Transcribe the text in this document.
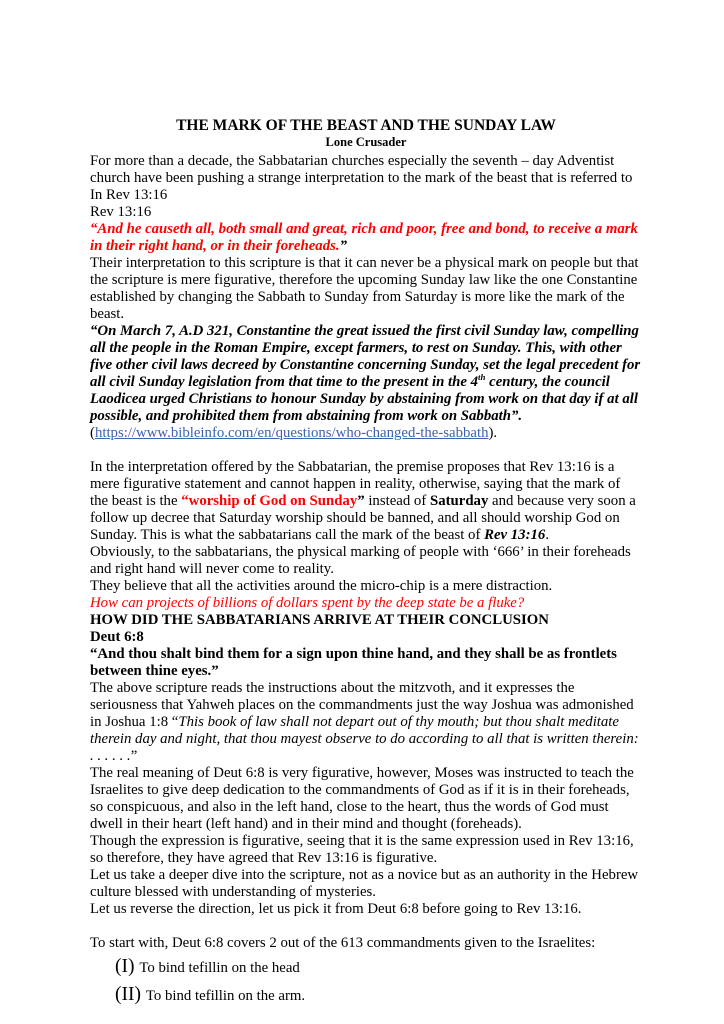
THE MARK OF THE BEAST AND THE SUNDAY LAW

Lone Crusader

For more than a decade, the Sabbatarian churches especially the seventh – day Adventist church have been pushing a strange interpretation to the mark of the beast that is referred to In Rev 13:16

Rev 13:16

“And he causeth all, both small and great, rich and poor, free and bond, to receive a mark in their right hand, or in their foreheads.”

Their interpretation to this scripture is that it can never be a physical mark on people but that the scripture is mere figurative, therefore the upcoming Sunday law like the one Constantine established by changing the Sabbath to Sunday from Saturday is more like the mark of the beast.

“On March 7, A.D 321, Constantine the great issued the first civil Sunday law, compelling all the people in the Roman Empire, except farmers, to rest on Sunday. This, with other five other civil laws decreed by Constantine concerning Sunday, set the legal precedent for all civil Sunday legislation from that time to the present in the 4th century, the council Laodicea urged Christians to honour Sunday by abstaining from work on that day if at all possible, and prohibited them from abstaining from work on Sabbath”.

(https://www.bibleinfo.com/en/questions/who-changed-the-sabbath).

In the interpretation offered by the Sabbatarian, the premise proposes that Rev 13:16 is a mere figurative statement and cannot happen in reality, otherwise, saying that the mark of the beast is the “worship of God on Sunday” instead of Saturday and because very soon a follow up decree that Saturday worship should be banned, and all should worship God on Sunday. This is what the sabbatarians call the mark of the beast of Rev 13:16.

Obviously, to the sabbatarians, the physical marking of people with ‘666’ in their foreheads and right hand will never come to reality.

They believe that all the activities around the micro-chip is a mere distraction.

How can projects of billions of dollars spent by the deep state be a fluke?

HOW DID THE SABBATARIANS ARRIVE AT THEIR CONCLUSION

Deut 6:8

“And thou shalt bind them for a sign upon thine hand, and they shall be as frontlets between thine eyes.”

The above scripture reads the instructions about the mitzvoth, and it expresses the seriousness that Yahweh places on the commandments just the way Joshua was admonished in Joshua 1:8 “This book of law shall not depart out of thy mouth; but thou shalt meditate therein day and night, that thou mayest observe to do according to all that is written therein: . . . . . .”

The real meaning of Deut 6:8 is very figurative, however, Moses was instructed to teach the Israelites to give deep dedication to the commandments of God as if it is in their foreheads, so conspicuous, and also in the left hand, close to the heart, thus the words of God must dwell in their heart (left hand) and in their mind and thought (foreheads).

Though the expression is figurative, seeing that it is the same expression used in Rev 13:16, so therefore, they have agreed that Rev 13:16 is figurative.

Let us take a deeper dive into the scripture, not as a novice but as an authority in the Hebrew culture blessed with understanding of mysteries.

Let us reverse the direction, let us pick it from Deut 6:8 before going to Rev 13:16.

To start with, Deut 6:8 covers 2 out of the 613 commandments given to the Israelites:

(I) To bind tefillin on the head

(II) To bind tefillin on the arm.
